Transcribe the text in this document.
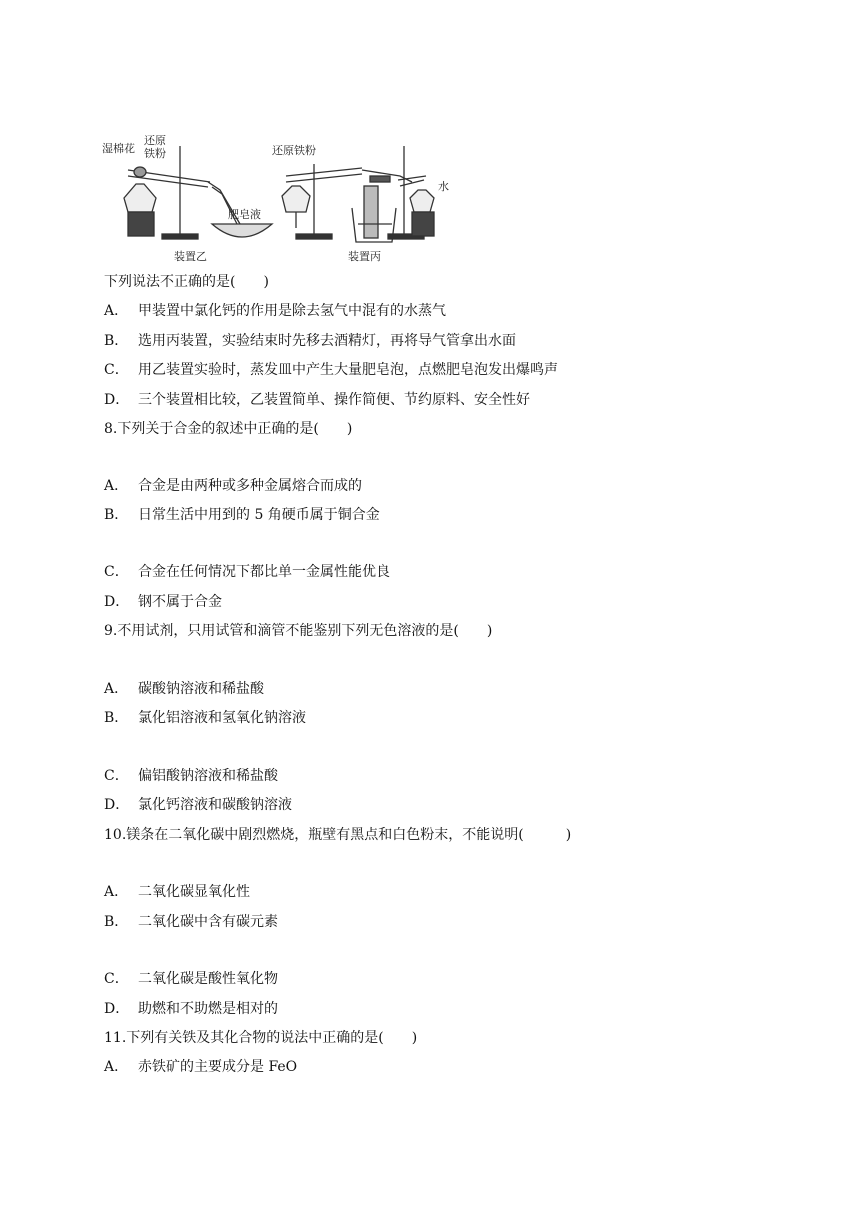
湿棉花
还原
铁粉
肥皂液
装置乙
还原铁粉
水
装置丙
下列说法不正确的是(　　)
A． 甲装置中氯化钙的作用是除去氢气中混有的水蒸气
B． 选用丙装置，实验结束时先移去酒精灯，再将导气管拿出水面
C． 用乙装置实验时，蒸发皿中产生大量肥皂泡，点燃肥皂泡发出爆鸣声
D． 三个装置相比较，乙装置简单、操作简便、节约原料、安全性好
8.下列关于合金的叙述中正确的是(　　)
A． 合金是由两种或多种金属熔合而成的
B． 日常生活中用到的 5 角硬币属于铜合金
C． 合金在任何情况下都比单一金属性能优良
D． 钢不属于合金
9.不用试剂，只用试管和滴管不能鉴别下列无色溶液的是(　　)
A． 碳酸钠溶液和稀盐酸
B． 氯化铝溶液和氢氧化钠溶液
C． 偏铝酸钠溶液和稀盐酸
D． 氯化钙溶液和碳酸钠溶液
10.镁条在二氧化碳中剧烈燃烧，瓶壁有黑点和白色粉末，不能说明(　　　)
A． 二氧化碳显氧化性
B． 二氧化碳中含有碳元素
C． 二氧化碳是酸性氧化物
D． 助燃和不助燃是相对的
11.下列有关铁及其化合物的说法中正确的是(　　)
A． 赤铁矿的主要成分是 FeO
